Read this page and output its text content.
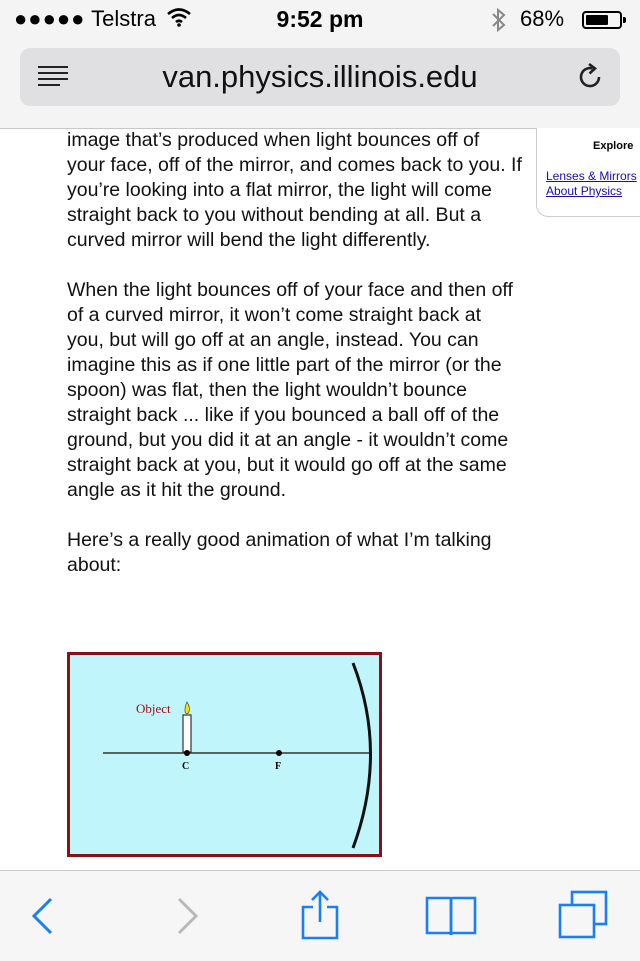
●●●●● Telstra	9:52 pm	68%
van.physics.illinois.edu

image that’s produced when light bounces off of your face, off of the mirror, and comes back to you. If you’re looking into a flat mirror, the light will come straight back to you without bending at all. But a curved mirror will bend the light differently.

When the light bounces off of your face and then off of a curved mirror, it won’t come straight back at you, but will go off at an angle, instead. You can imagine this as if one little part of the mirror (or the spoon) was flat, then the light wouldn’t bounce straight back ... like if you bounced a ball off of the ground, but you did it at an angle - it wouldn’t come straight back at you, but it would go off at the same angle as it hit the ground.

Here’s a really good animation of what I’m talking about:

Explore
Lenses & Mirrors
About Physics
Object
C	F
